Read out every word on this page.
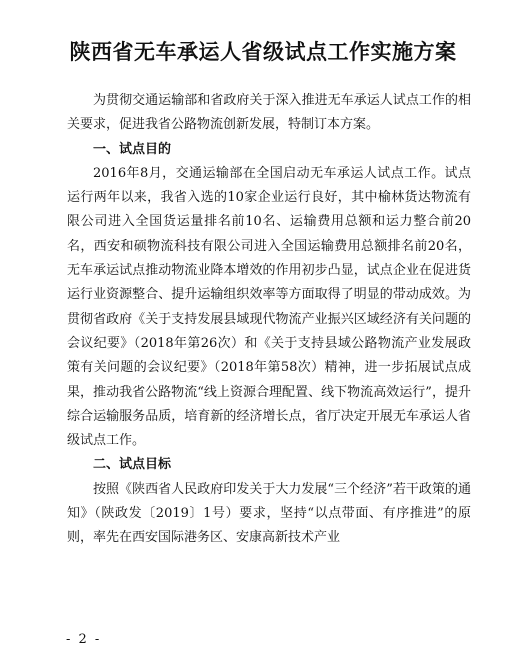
陕西省无车承运人省级试点工作实施方案

为贯彻交通运输部和省政府关于深入推进无车承运人试点工作的相关要求，促进我省公路物流创新发展，特制订本方案。

一、试点目的

2016年8月，交通运输部在全国启动无车承运人试点工作。试点运行两年以来，我省入选的10家企业运行良好，其中榆林货达物流有限公司进入全国货运量排名前10名、运输费用总额和运力整合前20名，西安和硕物流科技有限公司进入全国运输费用总额排名前20名，无车承运试点推动物流业降本增效的作用初步凸显，试点企业在促进货运行业资源整合、提升运输组织效率等方面取得了明显的带动成效。为贯彻省政府《关于支持发展县域现代物流产业振兴区域经济有关问题的会议纪要》（2018年第26次）和《关于支持县域公路物流产业发展政策有关问题的会议纪要》（2018年第58次）精神，进一步拓展试点成果，推动我省公路物流“线上资源合理配置、线下物流高效运行”，提升综合运输服务品质，培育新的经济增长点，省厅决定开展无车承运人省级试点工作。

二、试点目标

按照《陕西省人民政府印发关于大力发展“三个经济”若干政策的通知》（陕政发〔2019〕1号）要求，坚持“以点带面、有序推进”的原则，率先在西安国际港务区、安康高新技术产业

- 2 -
